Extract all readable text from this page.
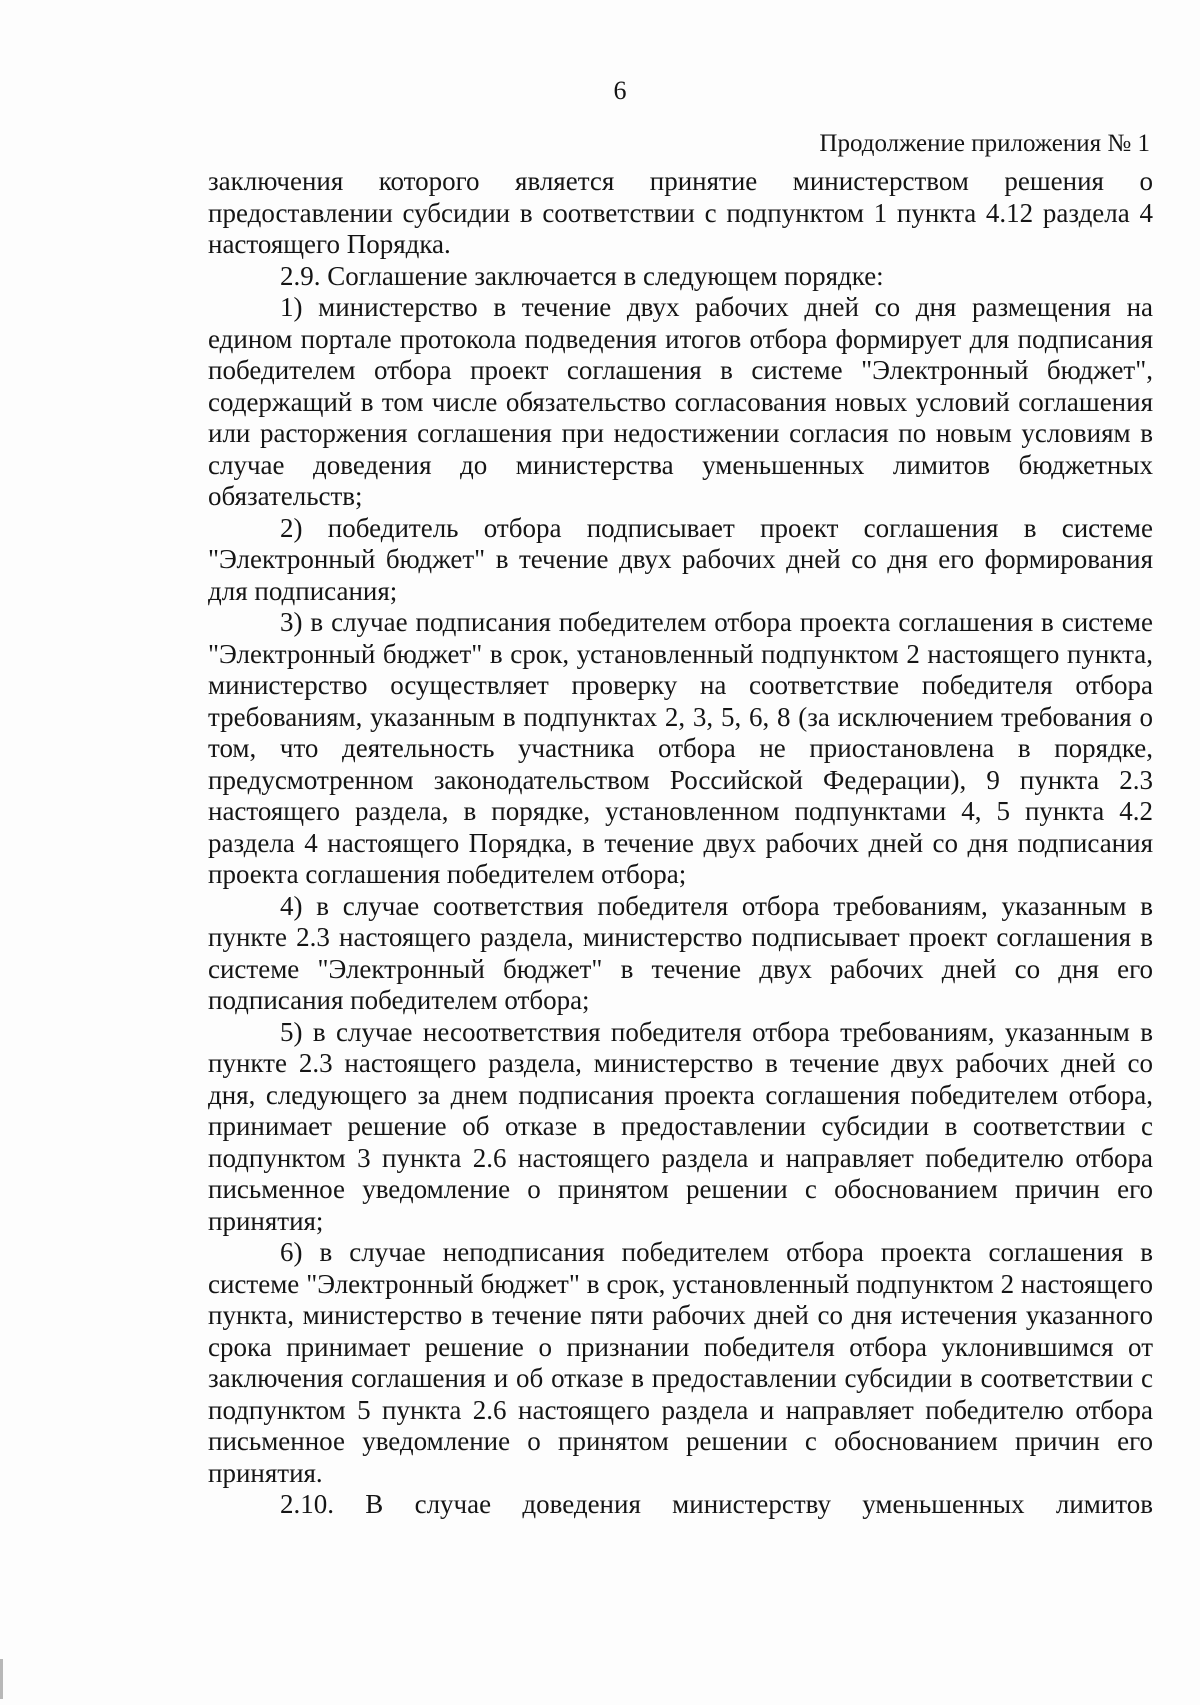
6
Продолжение приложения № 1

заключения которого является принятие министерством решения о предоставлении субсидии в соответствии с подпунктом 1 пункта 4.12 раздела 4 настоящего Порядка.

2.9. Соглашение заключается в следующем порядке:

1) министерство в течение двух рабочих дней со дня размещения на едином портале протокола подведения итогов отбора формирует для подписания победителем отбора проект соглашения в системе "Электронный бюджет", содержащий в том числе обязательство согласования новых условий соглашения или расторжения соглашения при недостижении согласия по новым условиям в случае доведения до министерства уменьшенных лимитов бюджетных обязательств;

2) победитель отбора подписывает проект соглашения в системе "Электронный бюджет" в течение двух рабочих дней со дня его формирования для подписания;

3) в случае подписания победителем отбора проекта соглашения в системе "Электронный бюджет" в срок, установленный подпунктом 2 настоящего пункта, министерство осуществляет проверку на соответствие победителя отбора требованиям, указанным в подпунктах 2, 3, 5, 6, 8 (за исключением требования о том, что деятельность участника отбора не приостановлена в порядке, предусмотренном законодательством Российской Федерации), 9 пункта 2.3 настоящего раздела, в порядке, установленном подпунктами 4, 5 пункта 4.2 раздела 4 настоящего Порядка, в течение двух рабочих дней со дня подписания проекта соглашения победителем отбора;

4) в случае соответствия победителя отбора требованиям, указанным в пункте 2.3 настоящего раздела, министерство подписывает проект соглашения в системе "Электронный бюджет" в течение двух рабочих дней со дня его подписания победителем отбора;

5) в случае несоответствия победителя отбора требованиям, указанным в пункте 2.3 настоящего раздела, министерство в течение двух рабочих дней со дня, следующего за днем подписания проекта соглашения победителем отбора, принимает решение об отказе в предоставлении субсидии в соответствии с подпунктом 3 пункта 2.6 настоящего раздела и направляет победителю отбора письменное уведомление о принятом решении с обоснованием причин его принятия;

6) в случае неподписания победителем отбора проекта соглашения в системе "Электронный бюджет" в срок, установленный подпунктом 2 настоящего пункта, министерство в течение пяти рабочих дней со дня истечения указанного срока принимает решение о признании победителя отбора уклонившимся от заключения соглашения и об отказе в предоставлении субсидии в соответствии с подпунктом 5 пункта 2.6 настоящего раздела и направляет победителю отбора письменное уведомление о принятом решении с обоснованием причин его принятия.

2.10. В случае доведения министерству уменьшенных лимитов
